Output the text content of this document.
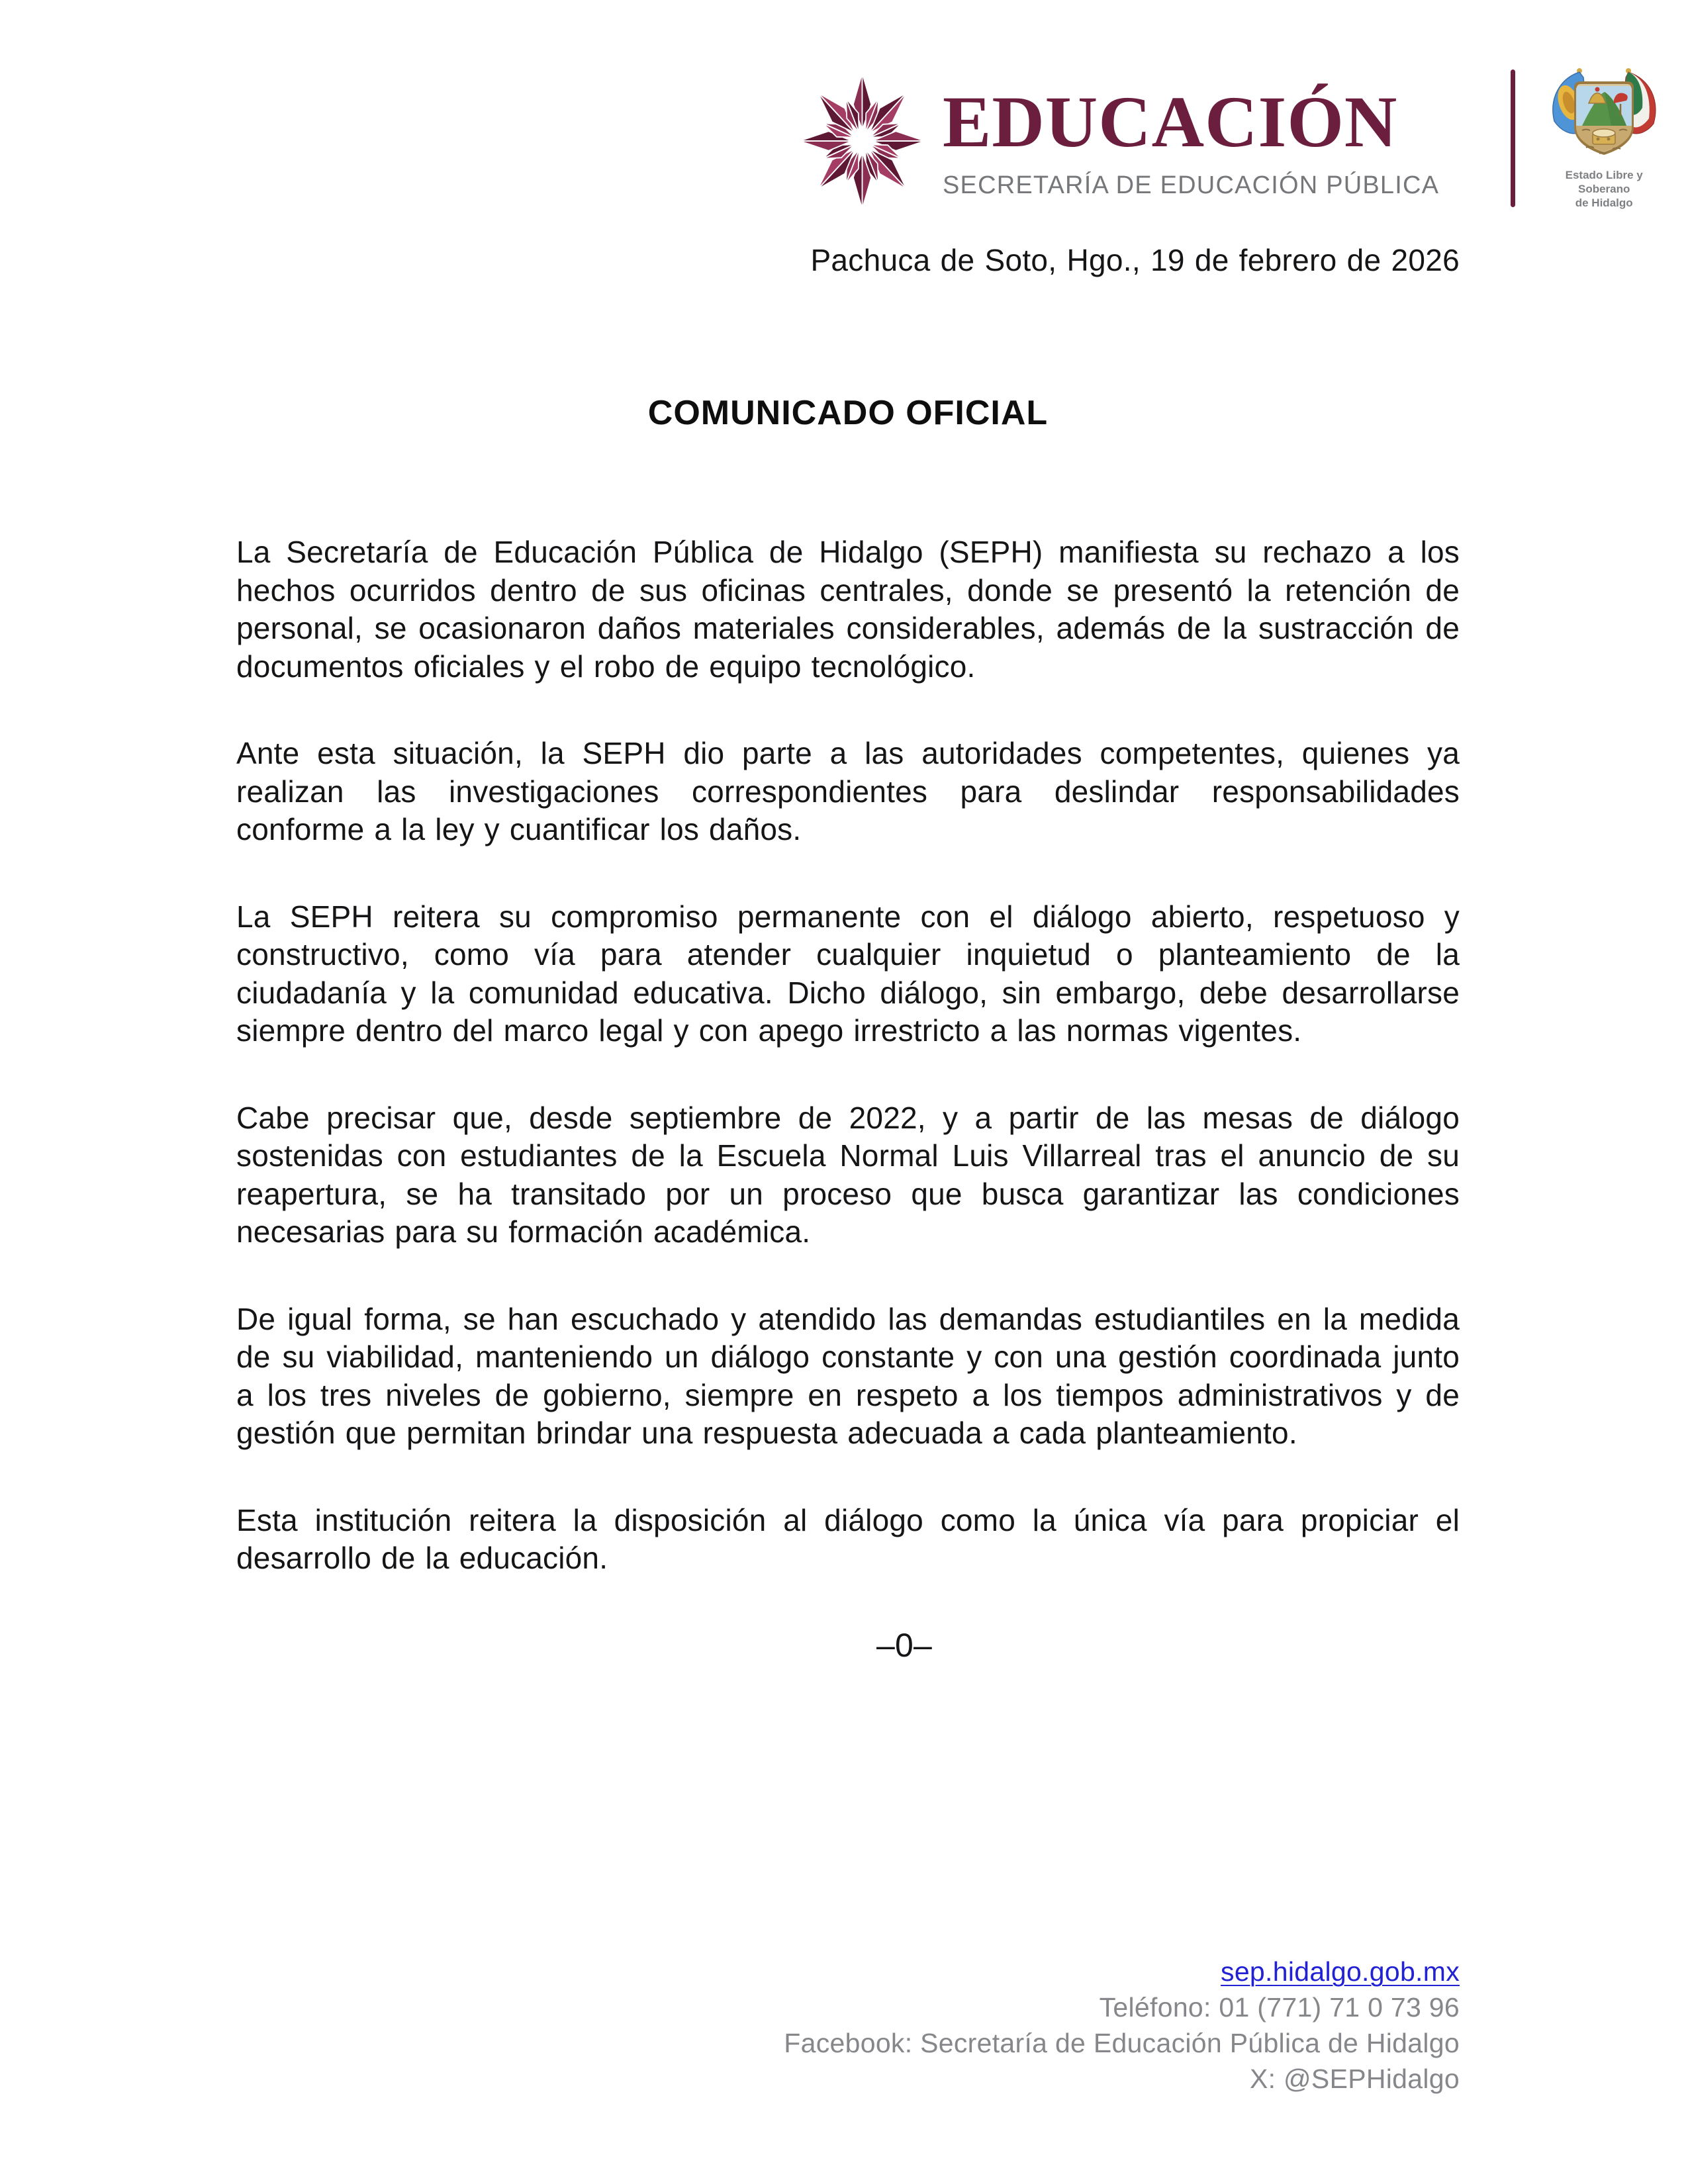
EDUCACIÓN
SECRETARÍA DE EDUCACIÓN PÚBLICA	Estado Libre y Soberano
de Hidalgo
Pachuca de Soto, Hgo., 19 de febrero de 2026
COMUNICADO OFICIAL

La Secretaría de Educación Pública de Hidalgo (SEPH) manifiesta su rechazo a los hechos ocurridos dentro de sus oficinas centrales, donde se presentó la retención de personal, se ocasionaron daños materiales considerables, además de la sustracción de documentos oficiales y el robo de equipo tecnológico.

Ante esta situación, la SEPH dio parte a las autoridades competentes, quienes ya realizan las investigaciones correspondientes para deslindar responsabilidades conforme a la ley y cuantificar los daños.

La SEPH reitera su compromiso permanente con el diálogo abierto, respetuoso y constructivo, como vía para atender cualquier inquietud o planteamiento de la ciudadanía y la comunidad educativa. Dicho diálogo, sin embargo, debe desarrollarse siempre dentro del marco legal y con apego irrestricto a las normas vigentes.

Cabe precisar que, desde septiembre de 2022, y a partir de las mesas de diálogo sostenidas con estudiantes de la Escuela Normal Luis Villarreal tras el anuncio de su reapertura, se ha transitado por un proceso que busca garantizar las condiciones necesarias para su formación académica.

De igual forma, se han escuchado y atendido las demandas estudiantiles en la medida de su viabilidad, manteniendo un diálogo constante y con una gestión coordinada junto a los tres niveles de gobierno, siempre en respeto a los tiempos administrativos y de gestión que permitan brindar una respuesta adecuada a cada planteamiento.

Esta institución reitera la disposición al diálogo como la única vía para propiciar el desarrollo de la educación.

–0–
sep.hidalgo.gob.mx
Teléfono: 01 (771) 71 0 73 96
Facebook: Secretaría de Educación Pública de Hidalgo
X: @SEPHidalgo
